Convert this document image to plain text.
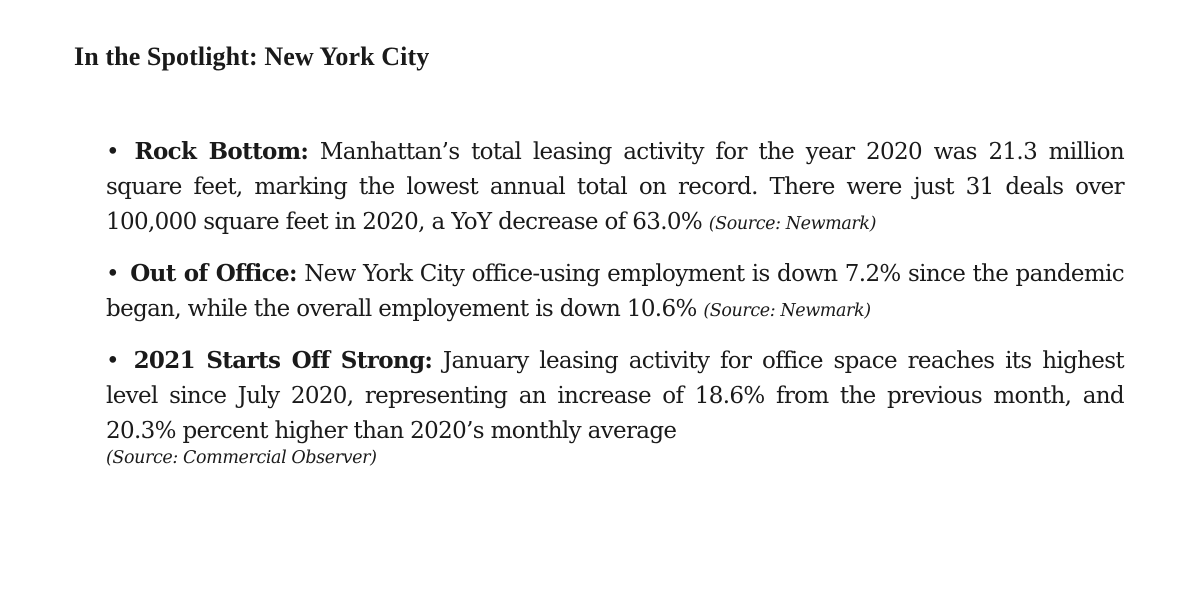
In the Spotlight: New York City

• Rock Bottom: Manhattan’s total leasing activity for the year 2020 was 21.3 million square feet, marking the lowest annual total on record. There were just 31 deals over 100,000 square feet in 2020, a YoY decrease of 63.0% (Source: Newmark)

• Out of Office: New York City office-using employment is down 7.2% since the pandemic began, while the overall employement is down 10.6% (Source: Newmark)

• 2021 Starts Off Strong: January leasing activity for office space reaches its highest level since July 2020, representing an increase of 18.6% from the previous month, and 20.3% percent higher than 2020’s monthly average
(Source: Commercial Observer)
